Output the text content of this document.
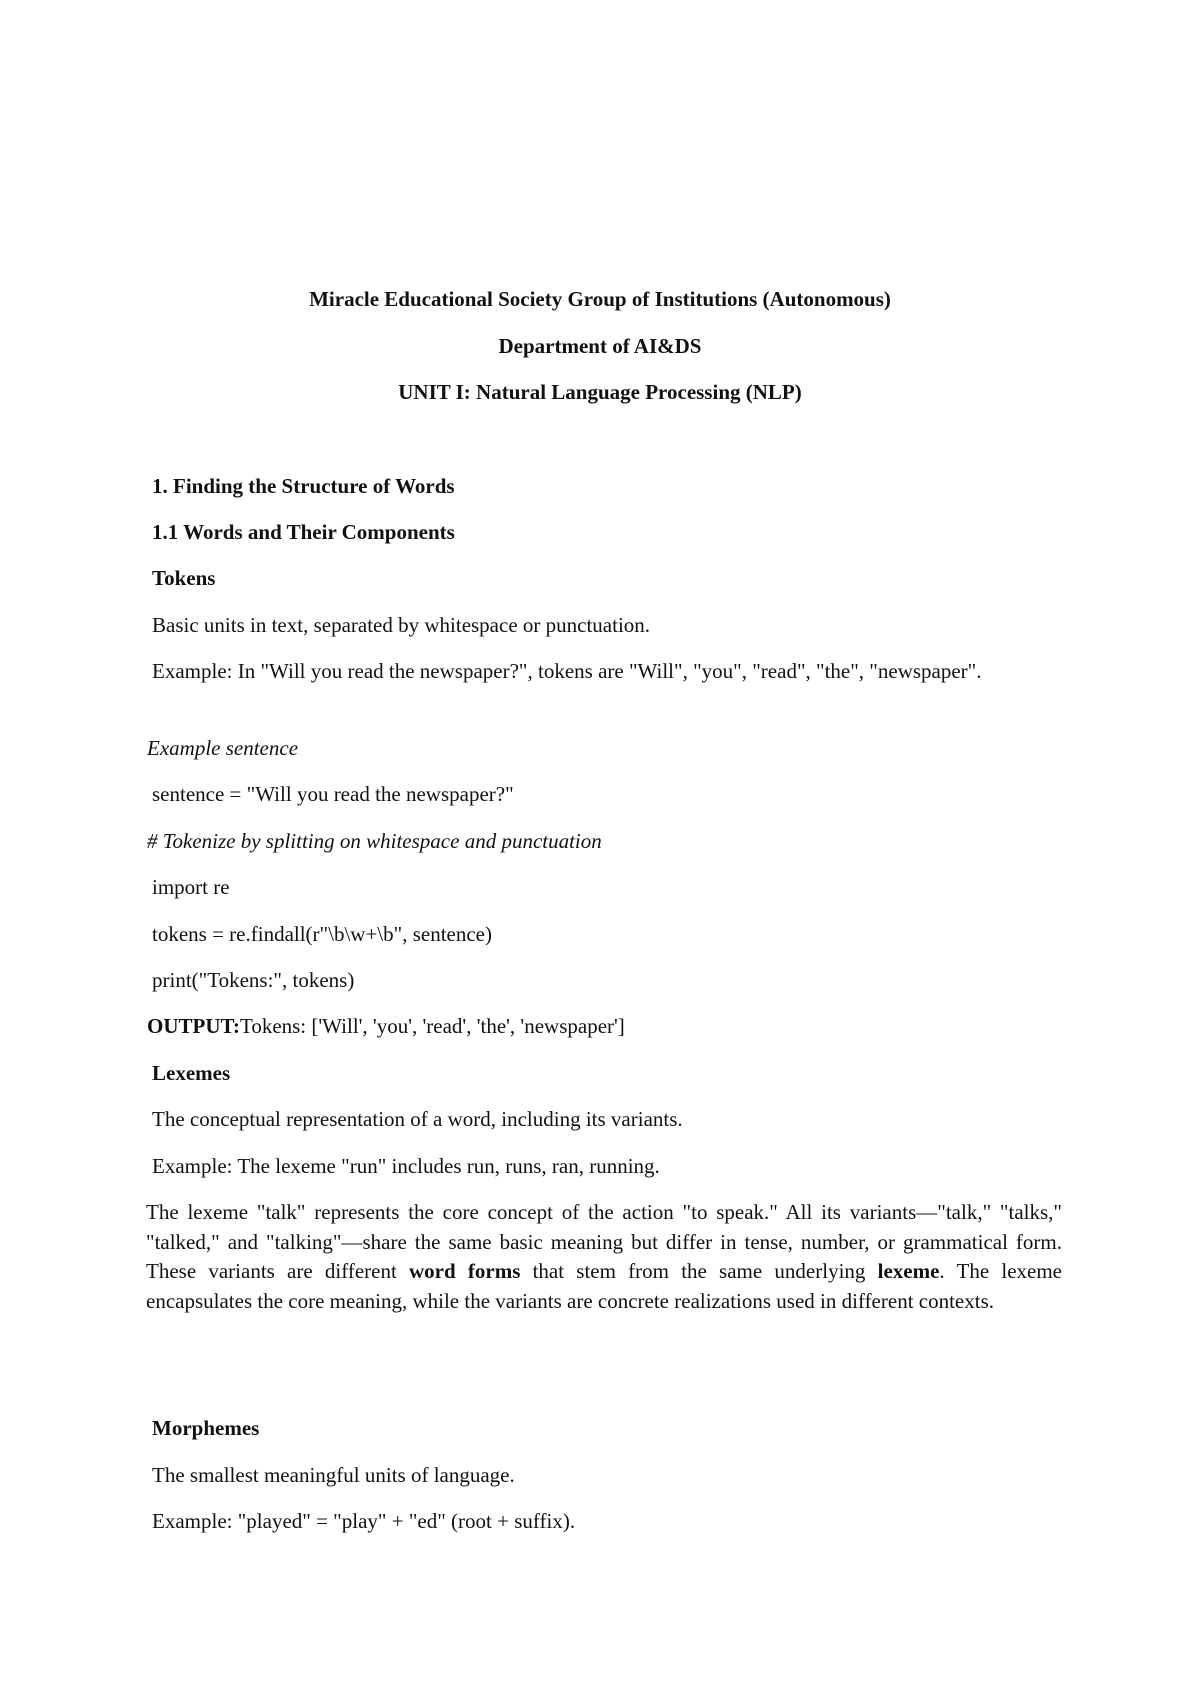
Miracle Educational Society Group of Institutions (Autonomous)

Department of AI&DS

UNIT I: Natural Language Processing (NLP)

1. Finding the Structure of Words

1.1 Words and Their Components

Tokens

Basic units in text, separated by whitespace or punctuation.

Example: In "Will you read the newspaper?", tokens are "Will", "you", "read", "the", "newspaper".

Example sentence

sentence = "Will you read the newspaper?"

# Tokenize by splitting on whitespace and punctuation

import re

tokens = re.findall(r"\b\w+\b", sentence)

print("Tokens:", tokens)

OUTPUT:Tokens: ['Will', 'you', 'read', 'the', 'newspaper']

Lexemes

The conceptual representation of a word, including its variants.

Example: The lexeme "run" includes run, runs, ran, running.

The lexeme "talk" represents the core concept of the action "to speak." All its variants—"talk," "talks," "talked," and "talking"—share the same basic meaning but differ in tense, number, or grammatical form. These variants are different word forms that stem from the same underlying lexeme. The lexeme encapsulates the core meaning, while the variants are concrete realizations used in different contexts.

Morphemes

The smallest meaningful units of language.

Example: "played" = "play" + "ed" (root + suffix).
